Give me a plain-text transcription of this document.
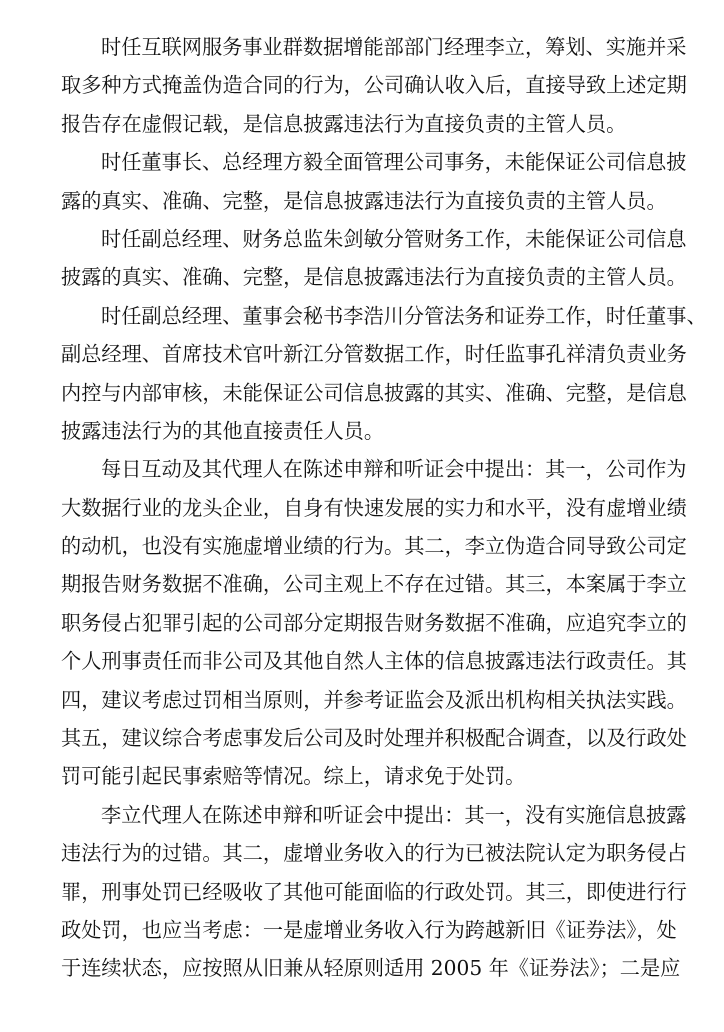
时任互联网服务事业群数据增能部部门经理李立，筹划、实施并采
取多种方式掩盖伪造合同的行为，公司确认收入后，直接导致上述定期
报告存在虚假记载，是信息披露违法行为直接负责的主管人员。
时任董事长、总经理方毅全面管理公司事务，未能保证公司信息披
露的真实、准确、完整，是信息披露违法行为直接负责的主管人员。
时任副总经理、财务总监朱剑敏分管财务工作，未能保证公司信息
披露的真实、准确、完整，是信息披露违法行为直接负责的主管人员。
时任副总经理、董事会秘书李浩川分管法务和证券工作，时任董事、
副总经理、首席技术官叶新江分管数据工作，时任监事孔祥清负责业务
内控与内部审核，未能保证公司信息披露的其实、准确、完整，是信息
披露违法行为的其他直接责任人员。
每日互动及其代理人在陈述申辩和听证会中提出：其一，公司作为
大数据行业的龙头企业，自身有快速发展的实力和水平，没有虚增业绩
的动机，也没有实施虚增业绩的行为。其二，李立伪造合同导致公司定
期报告财务数据不准确，公司主观上不存在过错。其三，本案属于李立
职务侵占犯罪引起的公司部分定期报告财务数据不准确，应追究李立的
个人刑事责任而非公司及其他自然人主体的信息披露违法行政责任。其
四，建议考虑过罚相当原则，并参考证监会及派出机构相关执法实践。
其五，建议综合考虑事发后公司及时处理并积极配合调查，以及行政处
罚可能引起民事索赔等情况。综上，请求免于处罚。
李立代理人在陈述申辩和听证会中提出：其一，没有实施信息披露
违法行为的过错。其二，虚增业务收入的行为已被法院认定为职务侵占
罪，刑事处罚已经吸收了其他可能面临的行政处罚。其三，即使进行行
政处罚，也应当考虑：一是虚增业务收入行为跨越新旧《证券法》，处
于连续状态，应按照从旧兼从轻原则适用 2005 年《证券法》；二是应
